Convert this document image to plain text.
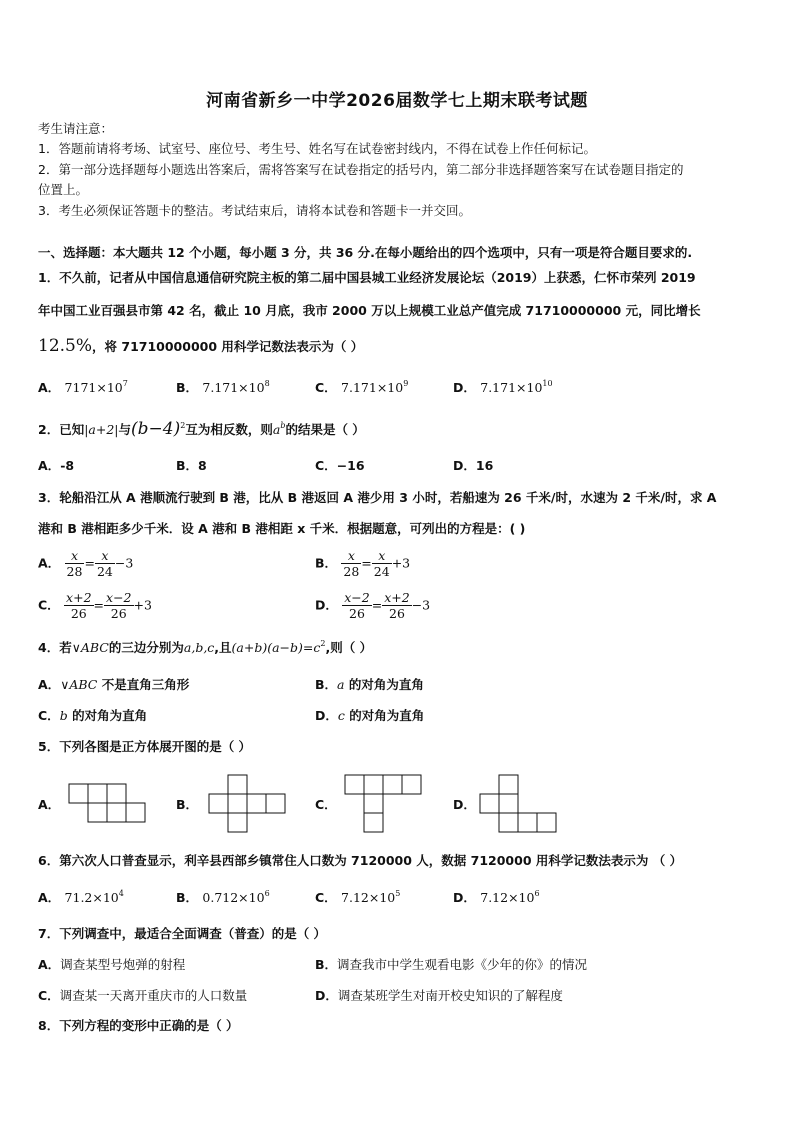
河南省新乡一中学2026届数学七上期末联考试题
考生请注意：
1．答题前请将考场、试室号、座位号、考生号、姓名写在试卷密封线内，不得在试卷上作任何标记。
2．第一部分选择题每小题选出答案后，需将答案写在试卷指定的括号内，第二部分非选择题答案写在试卷题目指定的
位置上。
3．考生必须保证答题卡的整洁。考试结束后，请将本试卷和答题卡一并交回。
一、选择题：本大题共 12 个小题，每小题 3 分，共 36 分.在每小题给出的四个选项中，只有一项是符合题目要求的.
1．不久前，记者从中国信息通信研究院主板的第二届中国县城工业经济发展论坛（2019）上获悉，仁怀市荣列 2019
年中国工业百强县市第 42 名，截止 10 月底，我市 2000 万以上规模工业总产值完成 71710000000 元，同比增长
12.5%，将 71710000000 用科学记数法表示为（ ）
A． $7171\times 10^7$	B． $7.171\times 10^8$	C． $7.171\times 10^9$	D． $7.171\times 10^{10}$
2．已知|a+2|与$(b-4)^2$互为相反数，则$a^b$的结果是（ ）
A．-8	B．8	C．−16	D．16
3．轮船沿江从 A 港顺流行驶到 B 港，比从 B 港返回 A 港少用 3 小时，若船速为 26 千米/时，水速为 2 千米/时，求 A
港和 B 港相距多少千米．设 A 港和 B 港相距 x 千米．根据题意，可列出的方程是：( )
A． $\frac{x}{28} = \frac{x}{24} -3$	B． $\frac{x}{28} = \frac{x}{24} +3$
C． $\frac{x+2}{26} = \frac{x-2}{26} +3$	D． $\frac{x-2}{26} = \frac{x+2}{26} -3$
4．若∨ABC的三边分别为a,b,c,且$(a+b)(a-b)=c^2$,则（ ）
A．∨ABC 不是直角三角形	B．a 的对角为直角
C．b 的对角为直角	D．c 的对角为直角
5．下列各图是正方体展开图的是（ ）
A．	B．	C．	D．
6．第六次人口普查显示，利辛县西部乡镇常住人口数为 7120000 人，数据 7120000 用科学记数法表示为 （ ）
A． $71.2\times 10^4$	B． $0.712\times 10^6$	C． $7.12\times 10^5$	D． $7.12\times 10^6$
7．下列调查中，最适合全面调查（普查）的是（ ）
A．调查某型号炮弹的射程	B．调查我市中学生观看电影《少年的你》的情况
C．调查某一天离开重庆市的人口数量	D．调查某班学生对南开校史知识的了解程度
8．下列方程的变形中正确的是（ ）
